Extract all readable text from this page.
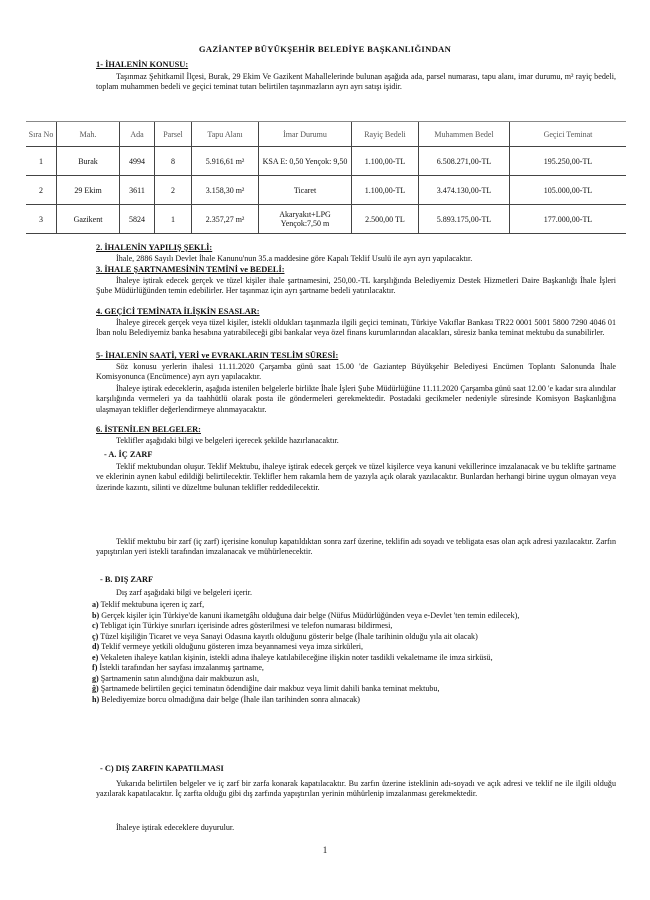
GAZİANTEP BÜYÜKŞEHİR BELEDİYE BAŞKANLIĞINDAN
1- İHALENİN KONUSU:
Taşınmaz Şehitkamil İlçesi, Burak, 29 Ekim Ve Gazikent Mahallelerinde bulunan aşağıda ada, parsel numarası, tapu alanı, imar durumu, m² rayiç bedeli, toplam muhammen bedeli ve geçici teminat tutarı belirtilen taşınmazların ayrı ayrı satışı işidir.
Sıra No	Mah.	Ada	Parsel	Tapu Alanı	İmar Durumu	Rayiç Bedeli	Muhammen Bedel	Geçici Teminat
1	Burak	4994	8	5.916,61 m²	KSA E: 0,50 Yençok: 9,50	1.100,00-TL	6.508.271,00-TL	195.250,00-TL
2	29 Ekim	3611	2	3.158,30 m²	Ticaret	1.100,00-TL	3.474.130,00-TL	105.000,00-TL
3	Gazikent	5824	1	2.357,27 m²	Akaryakıt+LPG Yençok:7,50 m	2.500,00 TL	5.893.175,00-TL	177.000,00-TL
2. İHALENİN YAPILIŞ ŞEKLİ:
İhale, 2886 Sayılı Devlet İhale Kanunu'nun 35.a maddesine göre Kapalı Teklif Usulü ile ayrı ayrı yapılacaktır.
3. İHALE ŞARTNAMESİNİN TEMİNİ ve BEDELİ:
İhaleye iştirak edecek gerçek ve tüzel kişiler ihale şartnamesini, 250,00.-TL karşılığında Belediyemiz Destek Hizmetleri Daire Başkanlığı İhale İşleri Şube Müdürlüğünden temin edebilirler. Her taşınmaz için ayrı şartname bedeli yatırılacaktır.
4. GEÇİCİ TEMİNATA İLİŞKİN ESASLAR:
İhaleye girecek gerçek veya tüzel kişiler, istekli oldukları taşınmazla ilgili geçici teminatı, Türkiye Vakıflar Bankası TR22 0001 5001 5800 7290 4046 01 İban nolu Belediyemiz banka hesabına yatırabileceği gibi bankalar veya özel finans kurumlarından alacakları, süresiz banka teminat mektubu da sunabilirler.
5- İHALENİN SAATİ, YERİ ve EVRAKLARIN TESLİM SÜRESİ:
Söz konusu yerlerin ihalesi 11.11.2020 Çarşamba günü saat 15.00 'de Gaziantep Büyükşehir Belediyesi Encümen Toplantı Salonunda İhale Komisyonunca (Encümence) ayrı ayrı yapılacaktır.
İhaleye iştirak edeceklerin, aşağıda istenilen belgelerle birlikte İhale İşleri Şube Müdürlüğüne 11.11.2020 Çarşamba günü saat 12.00 'e kadar sıra alındılar karşılığında vermeleri ya da taahhütlü olarak posta ile göndermeleri gerekmektedir. Postadaki gecikmeler nedeniyle süresinde Komisyon Başkanlığına ulaşmayan teklifler değerlendirmeye alınmayacaktır.
6. İSTENİLEN BELGELER:
Teklifler aşağıdaki bilgi ve belgeleri içerecek şekilde hazırlanacaktır.
- A. İÇ ZARF
Teklif mektubundan oluşur. Teklif Mektubu, ihaleye iştirak edecek gerçek ve tüzel kişilerce veya kanuni vekillerince imzalanacak ve bu teklifte şartname ve eklerinin aynen kabul edildiği belirtilecektir. Teklifler hem rakamla hem de yazıyla açık olarak yazılacaktır. Bunlardan herhangi birine uygun olmayan veya üzerinde kazıntı, silinti ve düzeltme bulunan teklifler reddedilecektir.
Teklif mektubu bir zarf (iç zarf) içerisine konulup kapatıldıktan sonra zarf üzerine, teklifin adı soyadı ve tebligata esas olan açık adresi yazılacaktır. Zarfın yapıştırılan yeri istekli tarafından imzalanacak ve mühürlenecektir.
- B. DIŞ ZARF
Dış zarf aşağıdaki bilgi ve belgeleri içerir.
a) Teklif mektubuna içeren iç zarf,
b) Gerçek kişiler için Türkiye'de kanuni ikametgâhı olduğuna dair belge (Nüfus Müdürlüğünden veya e-Devlet 'ten temin edilecek),
c) Tebligat için Türkiye sınırları içerisinde adres gösterilmesi ve telefon numarası bildirmesi,
ç) Tüzel kişiliğin Ticaret ve veya Sanayi Odasına kayıtlı olduğunu gösterir belge (İhale tarihinin olduğu yıla ait olacak)
d) Teklif vermeye yetkili olduğunu gösteren imza beyannamesi veya imza sirküleri,
e) Vekaleten ihaleye katılan kişinin, istekli adına ihaleye katılabileceğine ilişkin noter tasdikli vekaletname ile imza sirküsü,
f) İstekli tarafından her sayfası imzalanmış şartname,
g) Şartnamenin satın alındığına dair makbuzun aslı,
ğ) Şartnamede belirtilen geçici teminatın ödendiğine dair makbuz veya limit dahili banka teminat mektubu,
h) Belediyemize borcu olmadığına dair belge (İhale ilan tarihinden sonra alınacak)
- C) DIŞ ZARFIN KAPATILMASI
Yukarıda belirtilen belgeler ve iç zarf bir zarfa konarak kapatılacaktır. Bu zarfın üzerine isteklinin adı-soyadı ve açık adresi ve teklif ne ile ilgili olduğu yazılarak kapatılacaktır. İç zarfta olduğu gibi dış zarfında yapıştırılan yerinin mühürlenip imzalanması gerekmektedir.
İhaleye iştirak edeceklere duyurulur.
1
